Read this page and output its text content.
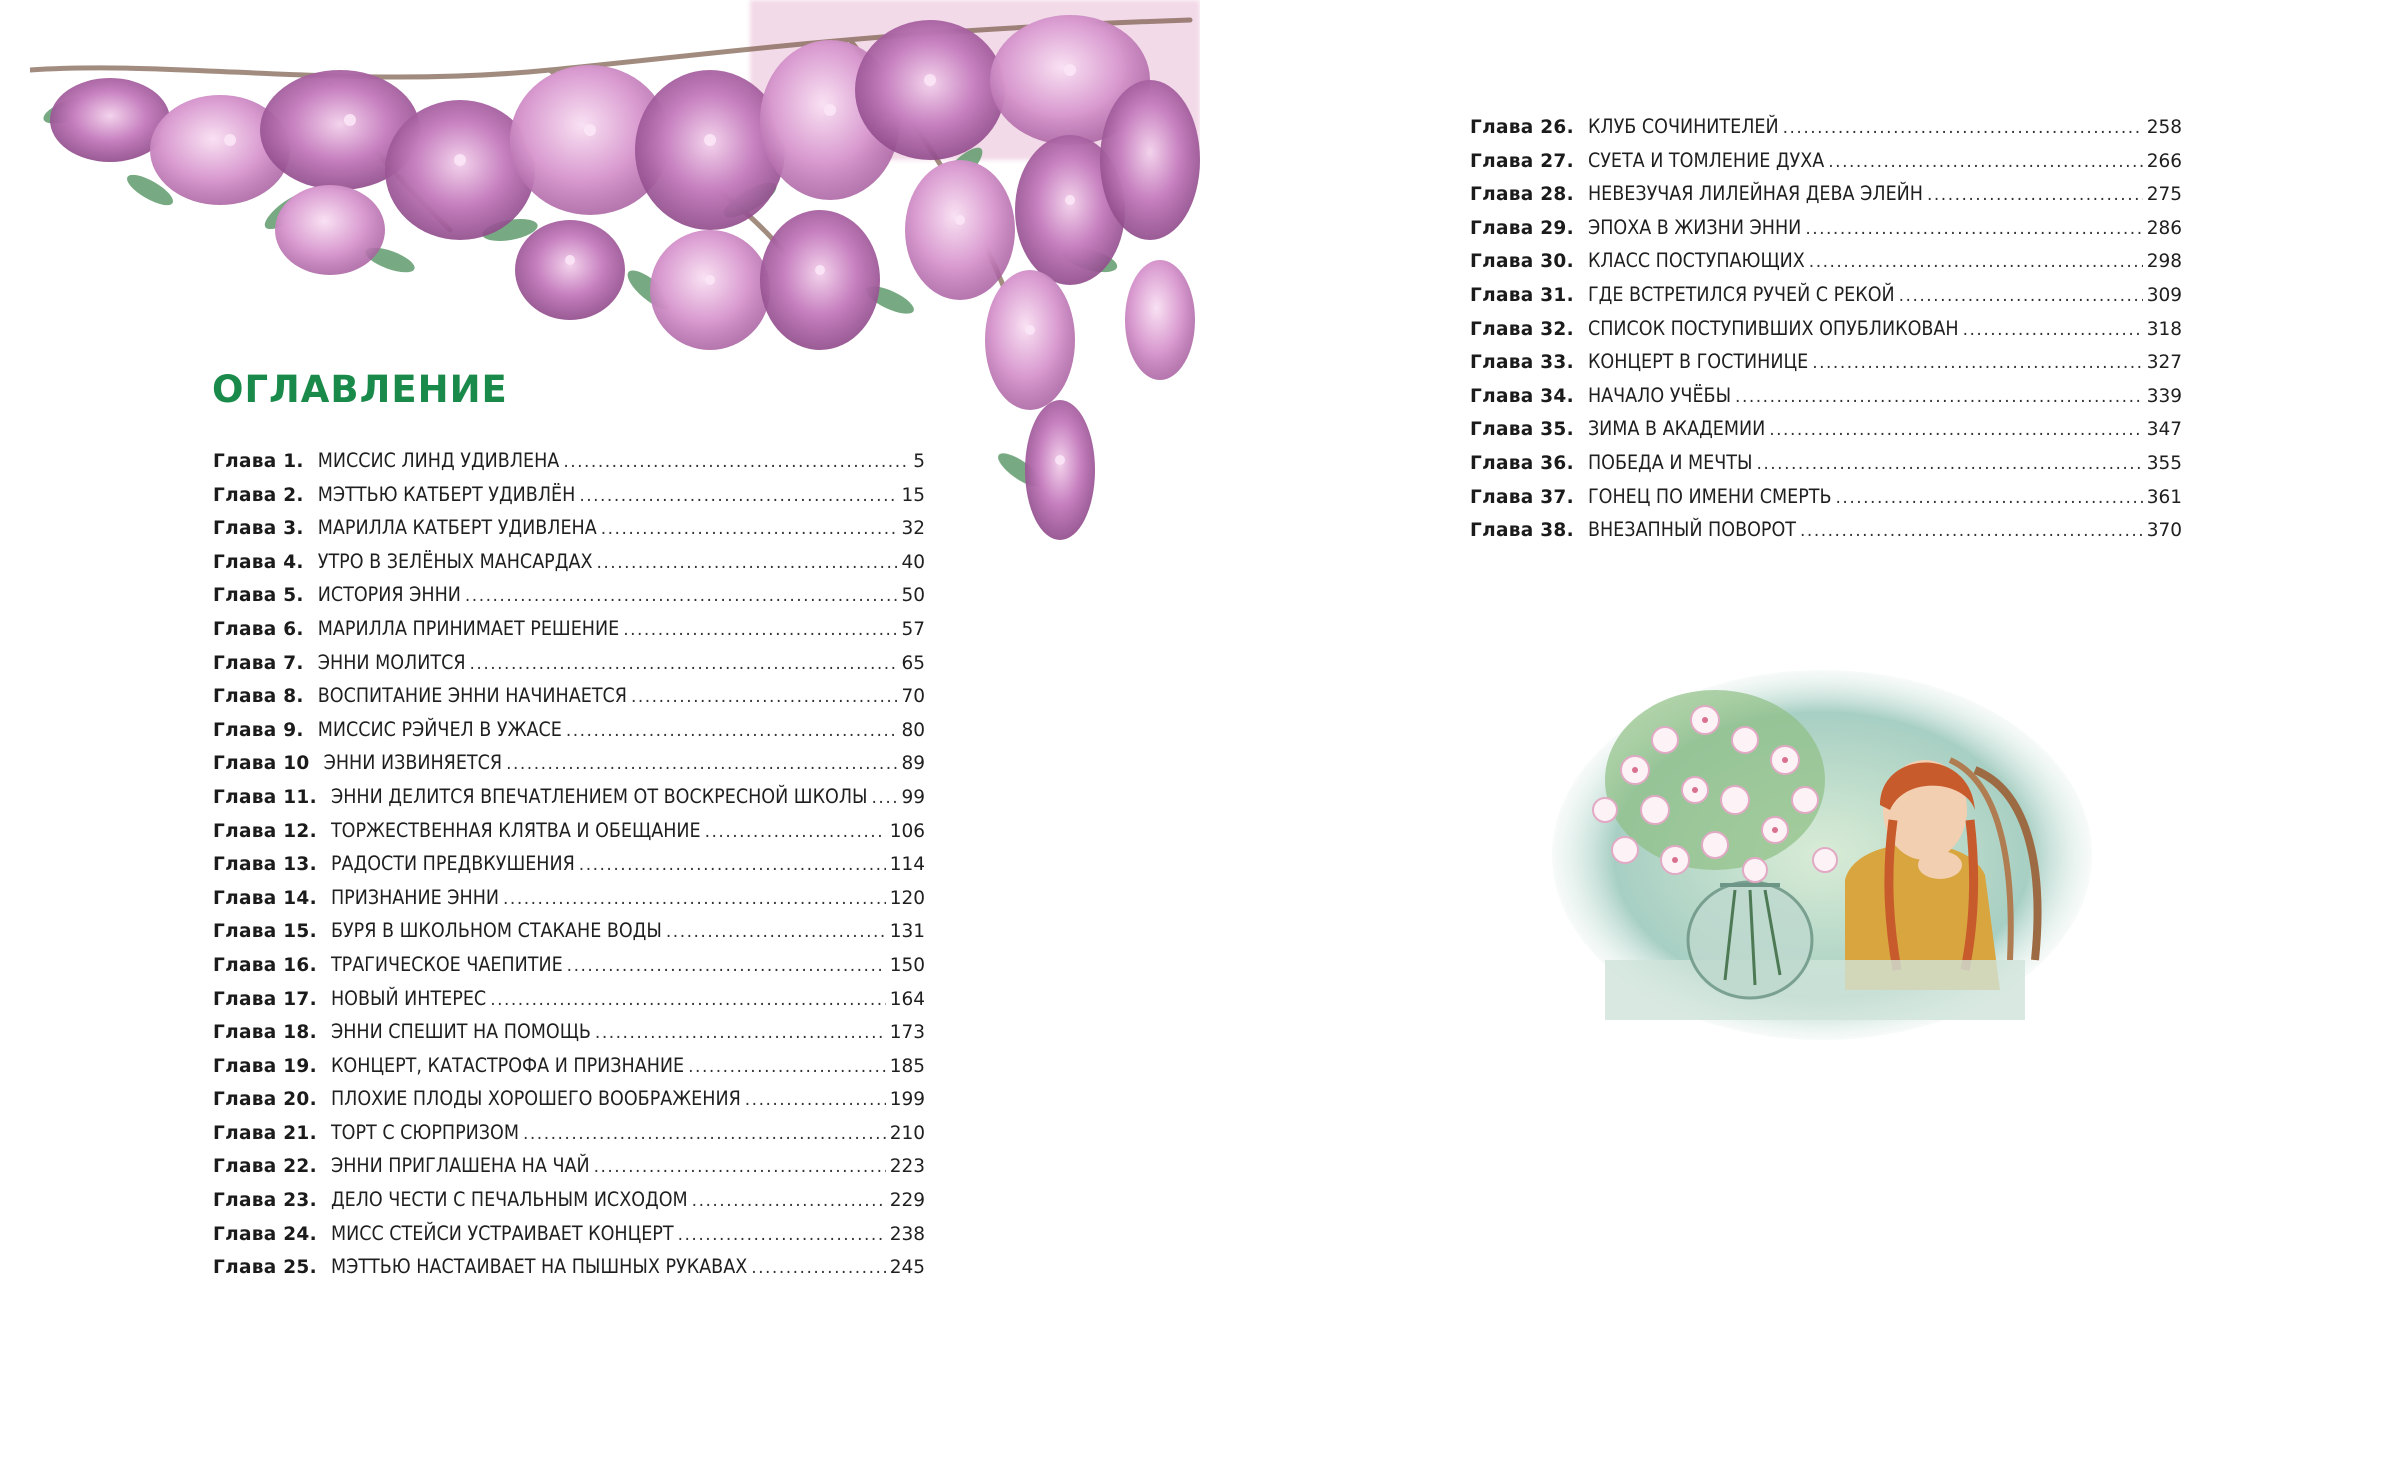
ОГЛАВЛЕНИЕ
Глава 1. МИССИС ЛИНД УДИВЛЕНА .....	5
Глава 2. МЭТТЬЮ КАТБЕРТ УДИВЛЁН .....	15
Глава 3. МАРИЛЛА КАТБЕРТ УДИВЛЕНА .....	32
Глава 4. УТРО В ЗЕЛЁНЫХ МАНСАРДАХ .....	40
Глава 5. ИСТОРИЯ ЭННИ .....	50
Глава 6. МАРИЛЛА ПРИНИМАЕТ РЕШЕНИЕ .....	57
Глава 7. ЭННИ МОЛИТСЯ .....	65
Глава 8. ВОСПИТАНИЕ ЭННИ НАЧИНАЕТСЯ .....	70
Глава 9. МИССИС РЭЙЧЕЛ В УЖАСЕ .....	80
Глава 10 ЭННИ ИЗВИНЯЕТСЯ .....	89
Глава 11. ЭННИ ДЕЛИТСЯ ВПЕЧАТЛЕНИЕМ ОТ ВОСКРЕСНОЙ ШКОЛЫ ..... 99
Глава 12. ТОРЖЕСТВЕННАЯ КЛЯТВА И ОБЕЩАНИЕ .....	106
Глава 13. РАДОСТИ ПРЕДВКУШЕНИЯ .....	114
Глава 14. ПРИЗНАНИЕ ЭННИ .....	120
Глава 15. БУРЯ В ШКОЛЬНОМ СТАКАНЕ ВОДЫ .....	131
Глава 16. ТРАГИЧЕСКОЕ ЧАЕПИТИЕ .....	150
Глава 17. НОВЫЙ ИНТЕРЕС .....	164
Глава 18. ЭННИ СПЕШИТ НА ПОМОЩЬ .....	173
Глава 19. КОНЦЕРТ, КАТАСТРОФА И ПРИЗНАНИЕ .....	185
Глава 20. ПЛОХИЕ ПЛОДЫ ХОРОШЕГО ВООБРАЖЕНИЯ .....	199
Глава 21. ТОРТ С СЮРПРИЗОМ .....	210
Глава 22. ЭННИ ПРИГЛАШЕНА НА ЧАЙ .....	223
Глава 23. ДЕЛО ЧЕСТИ С ПЕЧАЛЬНЫМ ИСХОДОМ .....	229
Глава 24. МИСС СТЕЙСИ УСТРАИВАЕТ КОНЦЕРТ .....	238
Глава 25. МЭТТЬЮ НАСТАИВАЕТ НА ПЫШНЫХ РУКАВАХ .....	245
Глава 26. КЛУБ СОЧИНИТЕЛЕЙ .....	258
Глава 27. СУЕТА И ТОМЛЕНИЕ ДУХА .....	266
Глава 28. НЕВЕЗУЧАЯ ЛИЛЕЙНАЯ ДЕВА ЭЛЕЙН .....	275
Глава 29. ЭПОХА В ЖИЗНИ ЭННИ .....	286
Глава 30. КЛАСС ПОСТУПАЮЩИХ .....	298
Глава 31. ГДЕ ВСТРЕТИЛСЯ РУЧЕЙ С РЕКОЙ .....	309
Глава 32. СПИСОК ПОСТУПИВШИХ ОПУБЛИКОВАН .....	318
Глава 33. КОНЦЕРТ В ГОСТИНИЦЕ .....	327
Глава 34. НАЧАЛО УЧЁБЫ .....	339
Глава 35. ЗИМА В АКАДЕМИИ .....	347
Глава 36. ПОБЕДА И МЕЧТЫ .....	355
Глава 37. ГОНЕЦ ПО ИМЕНИ СМЕРТЬ .....	361
Глава 38. ВНЕЗАПНЫЙ ПОВОРОТ .....	370
